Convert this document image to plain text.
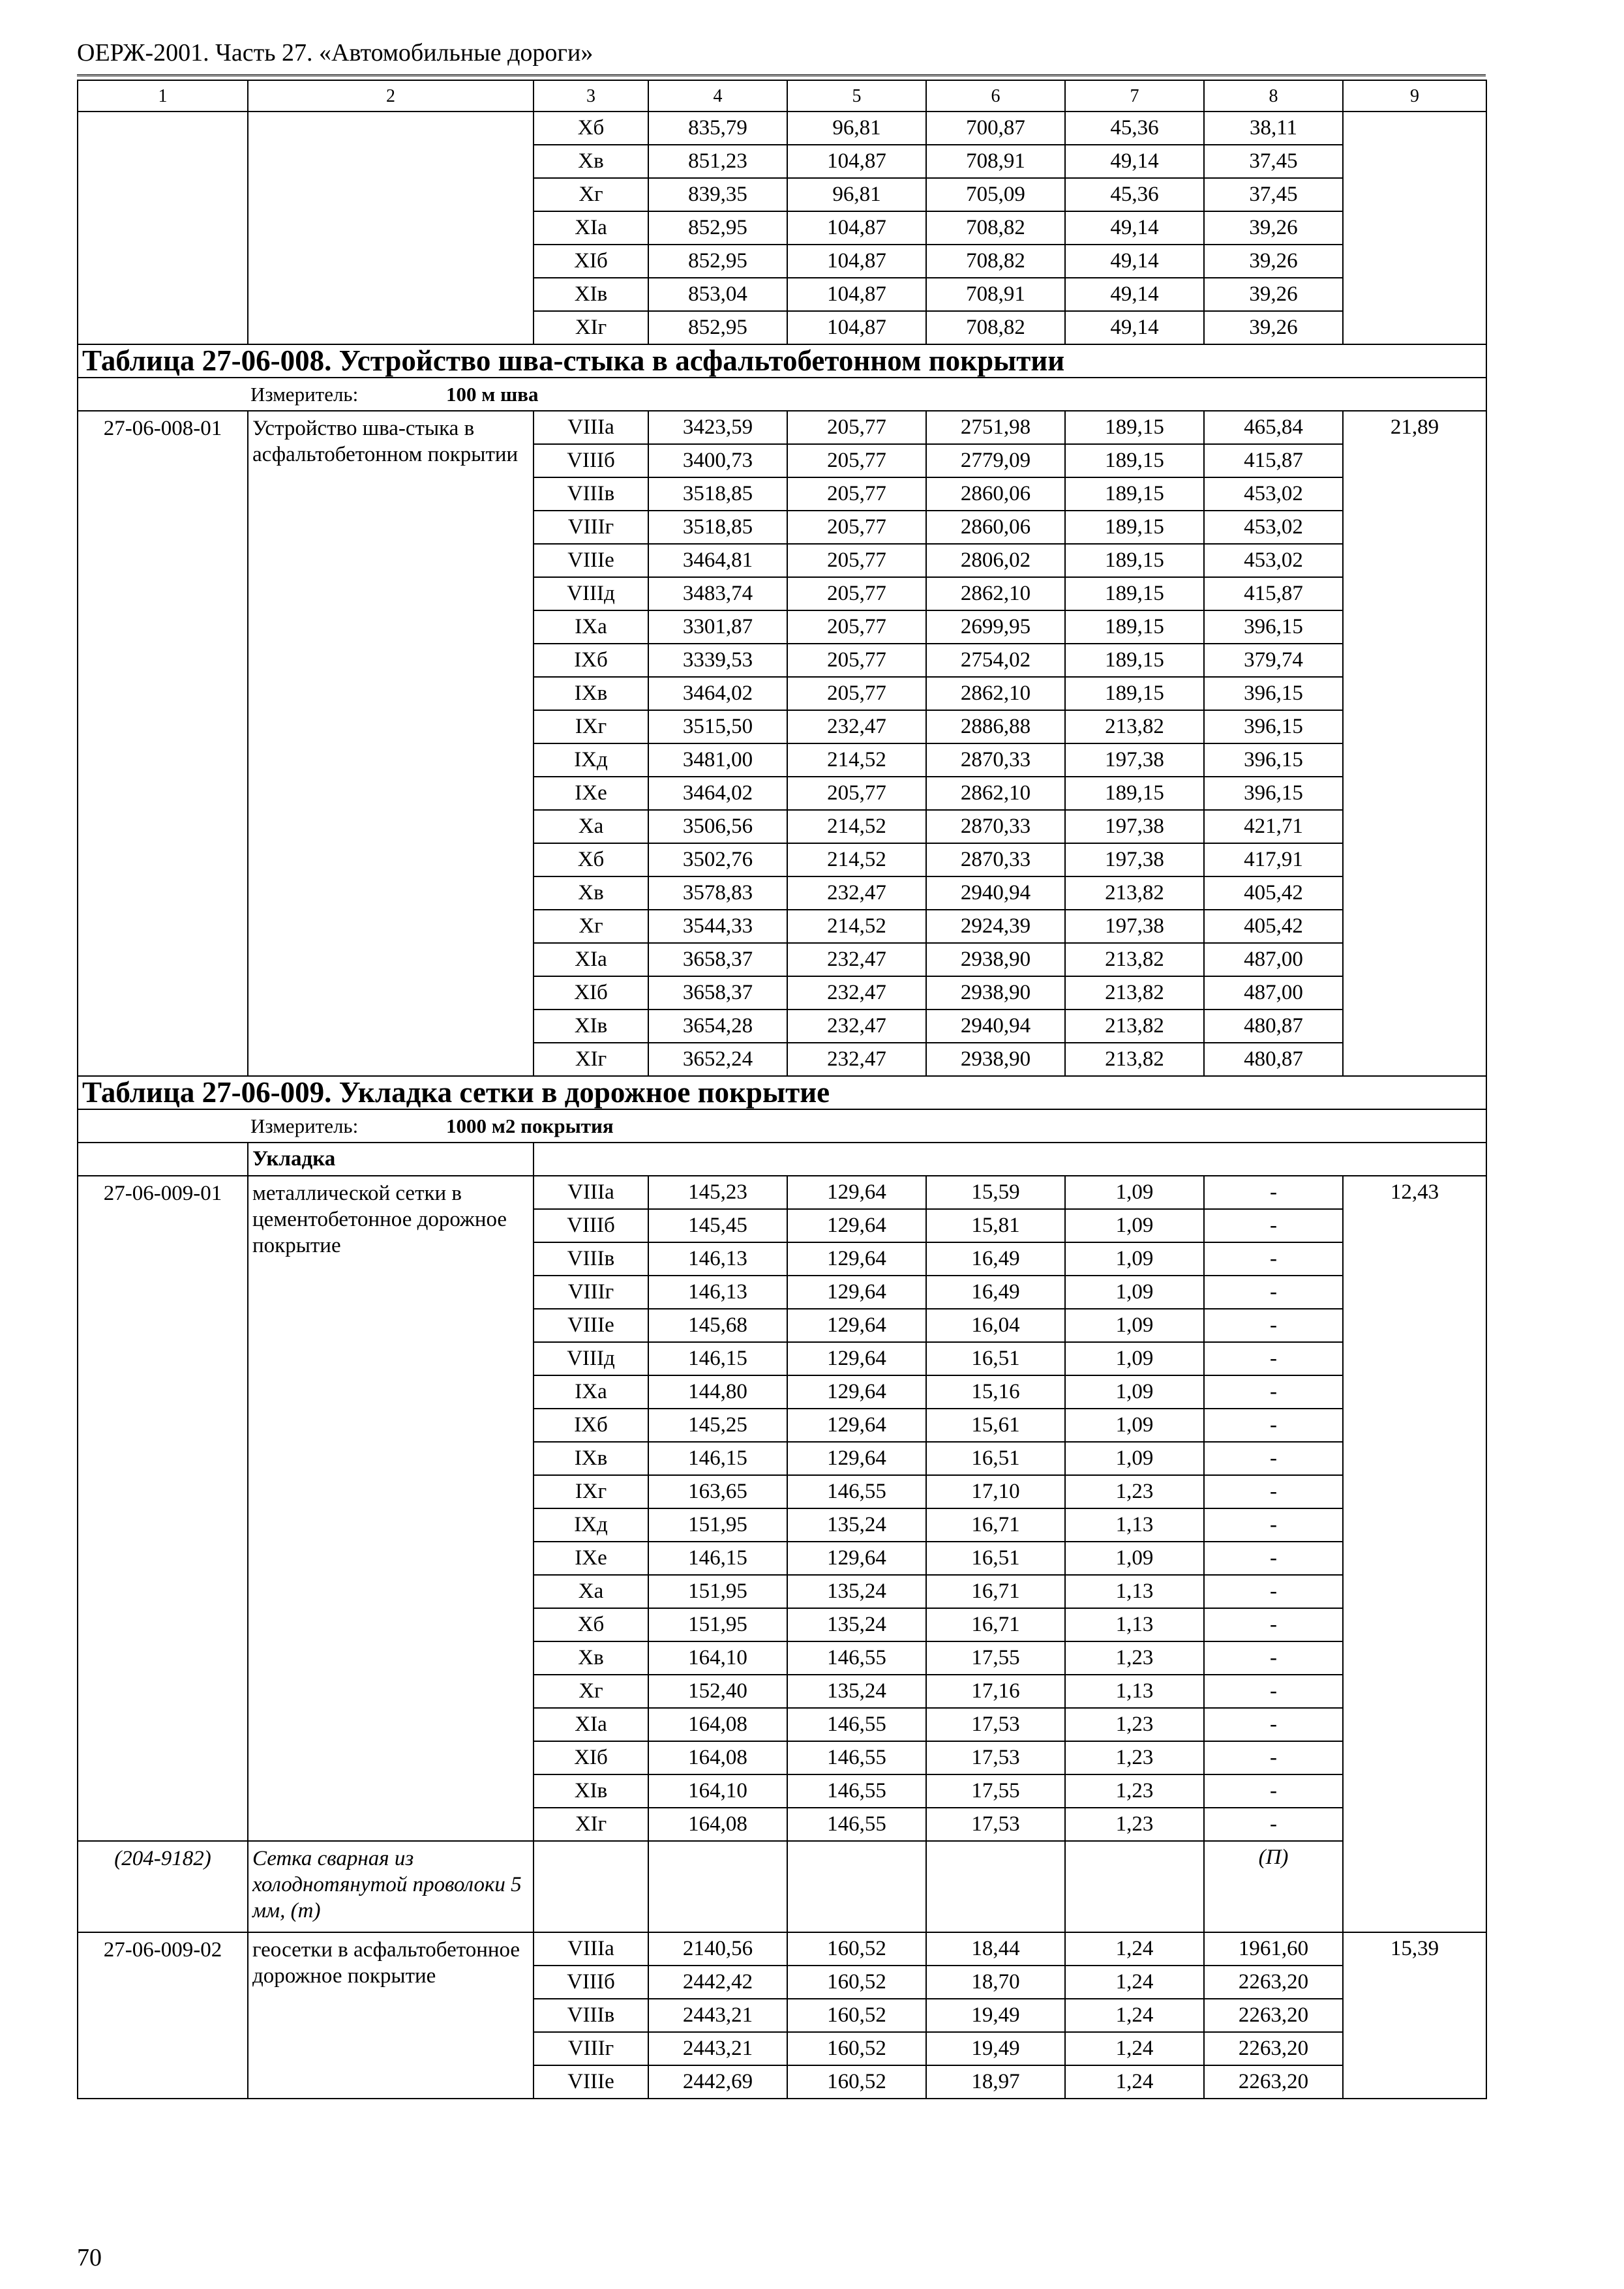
ОЕРЖ-2001. Часть 27. «Автомобильные дороги»
1	2	3	4	5	6	7	8	9
		Хб	835,79	96,81	700,87	45,36	38,11	
		Хв	851,23	104,87	708,91	49,14	37,45	
		Хг	839,35	96,81	705,09	45,36	37,45	
		XIа	852,95	104,87	708,82	49,14	39,26	
		XIб	852,95	104,87	708,82	49,14	39,26	
		XIв	853,04	104,87	708,91	49,14	39,26	
		XIг	852,95	104,87	708,82	49,14	39,26	
Таблица 27-06-008. Устройство шва-стыка в асфальтобетонном покрытии								
Измеритель: 100 м шва								
27-06-008-01	Устройство шва-стыка в асфальтобетонном покрытии	VIIIа	3423,59	205,77	2751,98	189,15	465,84	21,89
		VIIIб	3400,73	205,77	2779,09	189,15	415,87	
		VIIIв	3518,85	205,77	2860,06	189,15	453,02	
		VIIIг	3518,85	205,77	2860,06	189,15	453,02	
		VIIIе	3464,81	205,77	2806,02	189,15	453,02	
		VIIIд	3483,74	205,77	2862,10	189,15	415,87	
		IXа	3301,87	205,77	2699,95	189,15	396,15	
		IXб	3339,53	205,77	2754,02	189,15	379,74	
		IXв	3464,02	205,77	2862,10	189,15	396,15	
		IXг	3515,50	232,47	2886,88	213,82	396,15	
		IXд	3481,00	214,52	2870,33	197,38	396,15	
		IXе	3464,02	205,77	2862,10	189,15	396,15	
		Ха	3506,56	214,52	2870,33	197,38	421,71	
		Хб	3502,76	214,52	2870,33	197,38	417,91	
		Хв	3578,83	232,47	2940,94	213,82	405,42	
		Хг	3544,33	214,52	2924,39	197,38	405,42	
		XIа	3658,37	232,47	2938,90	213,82	487,00	
		XIб	3658,37	232,47	2938,90	213,82	487,00	
		XIв	3654,28	232,47	2940,94	213,82	480,87	
		XIг	3652,24	232,47	2938,90	213,82	480,87	
Таблица 27-06-009. Укладка сетки в дорожное покрытие								
Измеритель: 1000 м2 покрытия								
	Укладка							
27-06-009-01	металлической сетки в цементобетонное дорожное покрытие	VIIIа	145,23	129,64	15,59	1,09	-	12,43
		VIIIб	145,45	129,64	15,81	1,09	-	
		VIIIв	146,13	129,64	16,49	1,09	-	
		VIIIг	146,13	129,64	16,49	1,09	-	
		VIIIе	145,68	129,64	16,04	1,09	-	
		VIIIд	146,15	129,64	16,51	1,09	-	
		IXа	144,80	129,64	15,16	1,09	-	
		IXб	145,25	129,64	15,61	1,09	-	
		IXв	146,15	129,64	16,51	1,09	-	
		IXг	163,65	146,55	17,10	1,23	-	
		IXд	151,95	135,24	16,71	1,13	-	
		IXе	146,15	129,64	16,51	1,09	-	
		Ха	151,95	135,24	16,71	1,13	-	
		Хб	151,95	135,24	16,71	1,13	-	
		Хв	164,10	146,55	17,55	1,23	-	
		Хг	152,40	135,24	17,16	1,13	-	
		XIа	164,08	146,55	17,53	1,23	-	
		XIб	164,08	146,55	17,53	1,23	-	
		XIв	164,10	146,55	17,55	1,23	-	
		XIг	164,08	146,55	17,53	1,23	-	
(204-9182)	Сетка сварная из холоднотянутой проволоки 5 мм, (т)						(П)	
27-06-009-02	геосетки в асфальтобетонное дорожное покрытие	VIIIа	2140,56	160,52	18,44	1,24	1961,60	15,39
		VIIIб	2442,42	160,52	18,70	1,24	2263,20	
		VIIIв	2443,21	160,52	19,49	1,24	2263,20	
		VIIIг	2443,21	160,52	19,49	1,24	2263,20	
		VIIIе	2442,69	160,52	18,97	1,24	2263,20	
70
